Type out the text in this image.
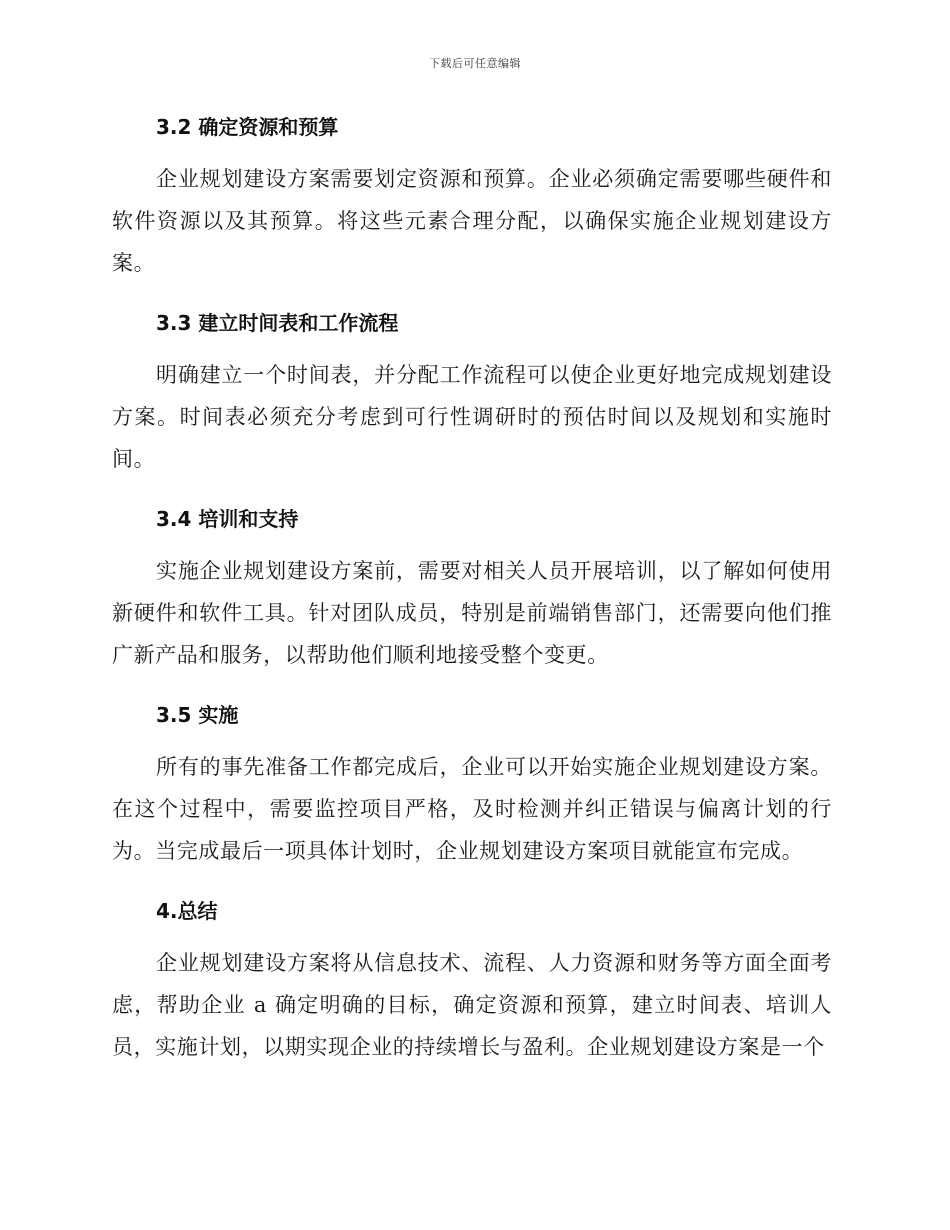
下载后可任意编辑
3.2 确定资源和预算

企业规划建设方案需要划定资源和预算。企业必须确定需要哪些硬件和软件资源以及其预算。将这些元素合理分配，以确保实施企业规划建设方案。

3.3 建立时间表和工作流程

明确建立一个时间表，并分配工作流程可以使企业更好地完成规划建设方案。时间表必须充分考虑到可行性调研时的预估时间以及规划和实施时间。

3.4 培训和支持

实施企业规划建设方案前，需要对相关人员开展培训，以了解如何使用新硬件和软件工具。针对团队成员，特别是前端销售部门，还需要向他们推广新产品和服务，以帮助他们顺利地接受整个变更。

3.5 实施

所有的事先准备工作都完成后，企业可以开始实施企业规划建设方案。在这个过程中，需要监控项目严格，及时检测并纠正错误与偏离计划的行为。当完成最后一项具体计划时，企业规划建设方案项目就能宣布完成。

4.总结

企业规划建设方案将从信息技术、流程、人力资源和财务等方面全面考虑，帮助企业 a 确定明确的目标，确定资源和预算，建立时间表、培训人员，实施计划，以期实现企业的持续增长与盈利。企业规划建设方案是一个
